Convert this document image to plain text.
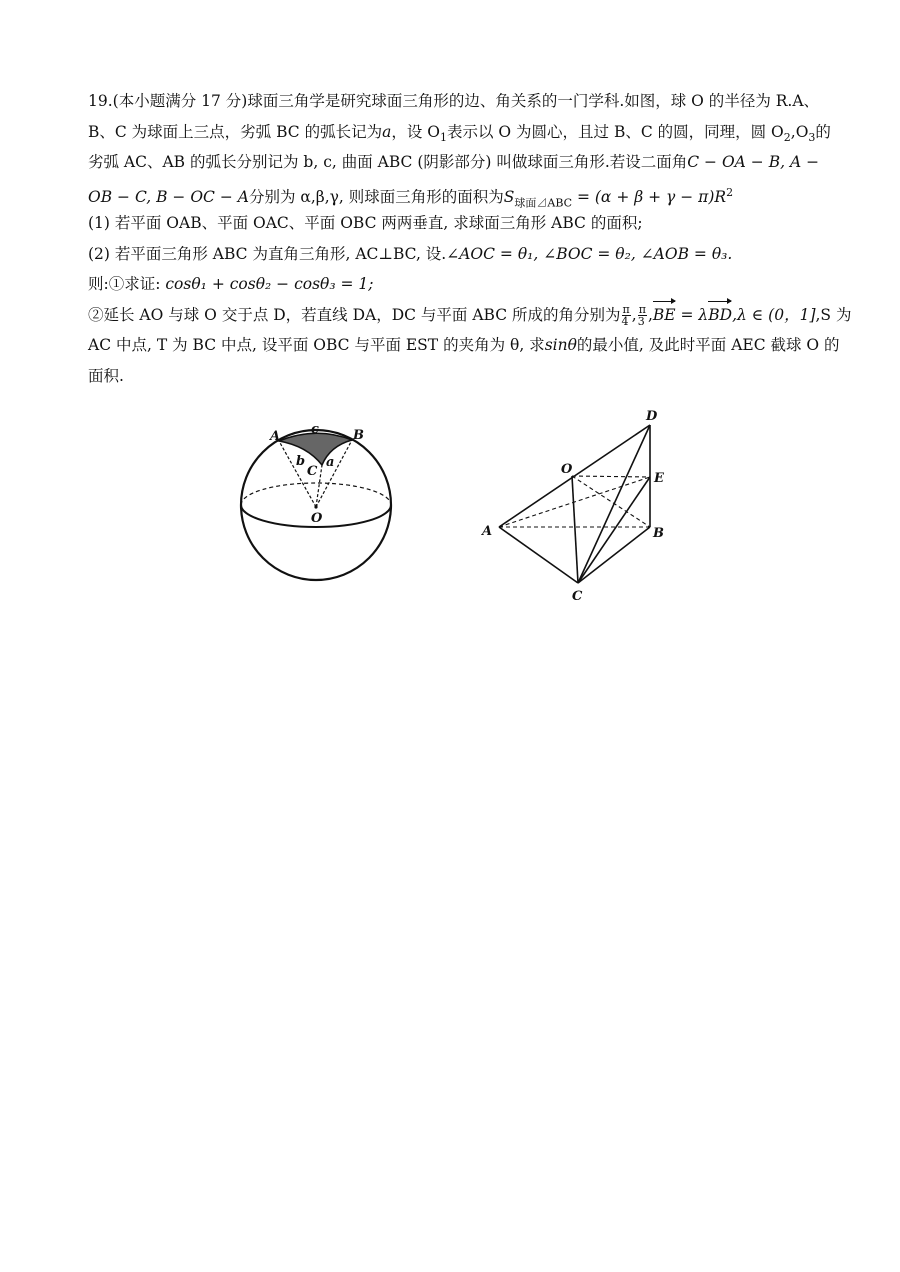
19.(本小题满分 17 分)球面三角学是研究球面三角形的边、角关系的一门学科.如图，球 O 的半径为 R.A、
B、C 为球面上三点，劣弧 BC 的弧长记为a，设 $O_1$表示以 O 为圆心，且过 B、C 的圆，同理，圆 $O_2,O_3$的
劣弧 AC、AB 的弧长分别记为 b, c, 曲面 ABC (阴影部分) 叫做球面三角形.若设二面角C − OA − B, A −
OB − C, B − OC − A分别为 α,β,γ, 则球面三角形的面积为$S_{球面⊿ABC} = (\alpha + \beta + \gamma - \pi)R^2$
(1) 若平面 OAB、平面 OAC、平面 OBC 两两垂直, 求球面三角形 ABC 的面积;
(2) 若平面三角形 ABC 为直角三角形, AC⊥BC, 设.∠AOC = θ₁, ∠BOC = θ₂, ∠AOB = θ₃.
则:①求证: cosθ₁ + cosθ₂ − cosθ₃ = 1;
②延长 AO 与球 O 交于点 D，若直线 DA，DC 与平面 ABC 所成的角分别为 $\frac{\pi}{4}$ , $\frac{\pi}{3} ,BE = \lambda BD,\lambda$ ∈ (0，1],S 为
AC 中点, T 为 BC 中点, 设平面 OBC 与平面 EST 的夹角为 θ, 求sinθ的最小值, 及此时平面 AEC 截球 O 的
面积.
A	B
c
b a
C
O
D
O
E
A	B
C
